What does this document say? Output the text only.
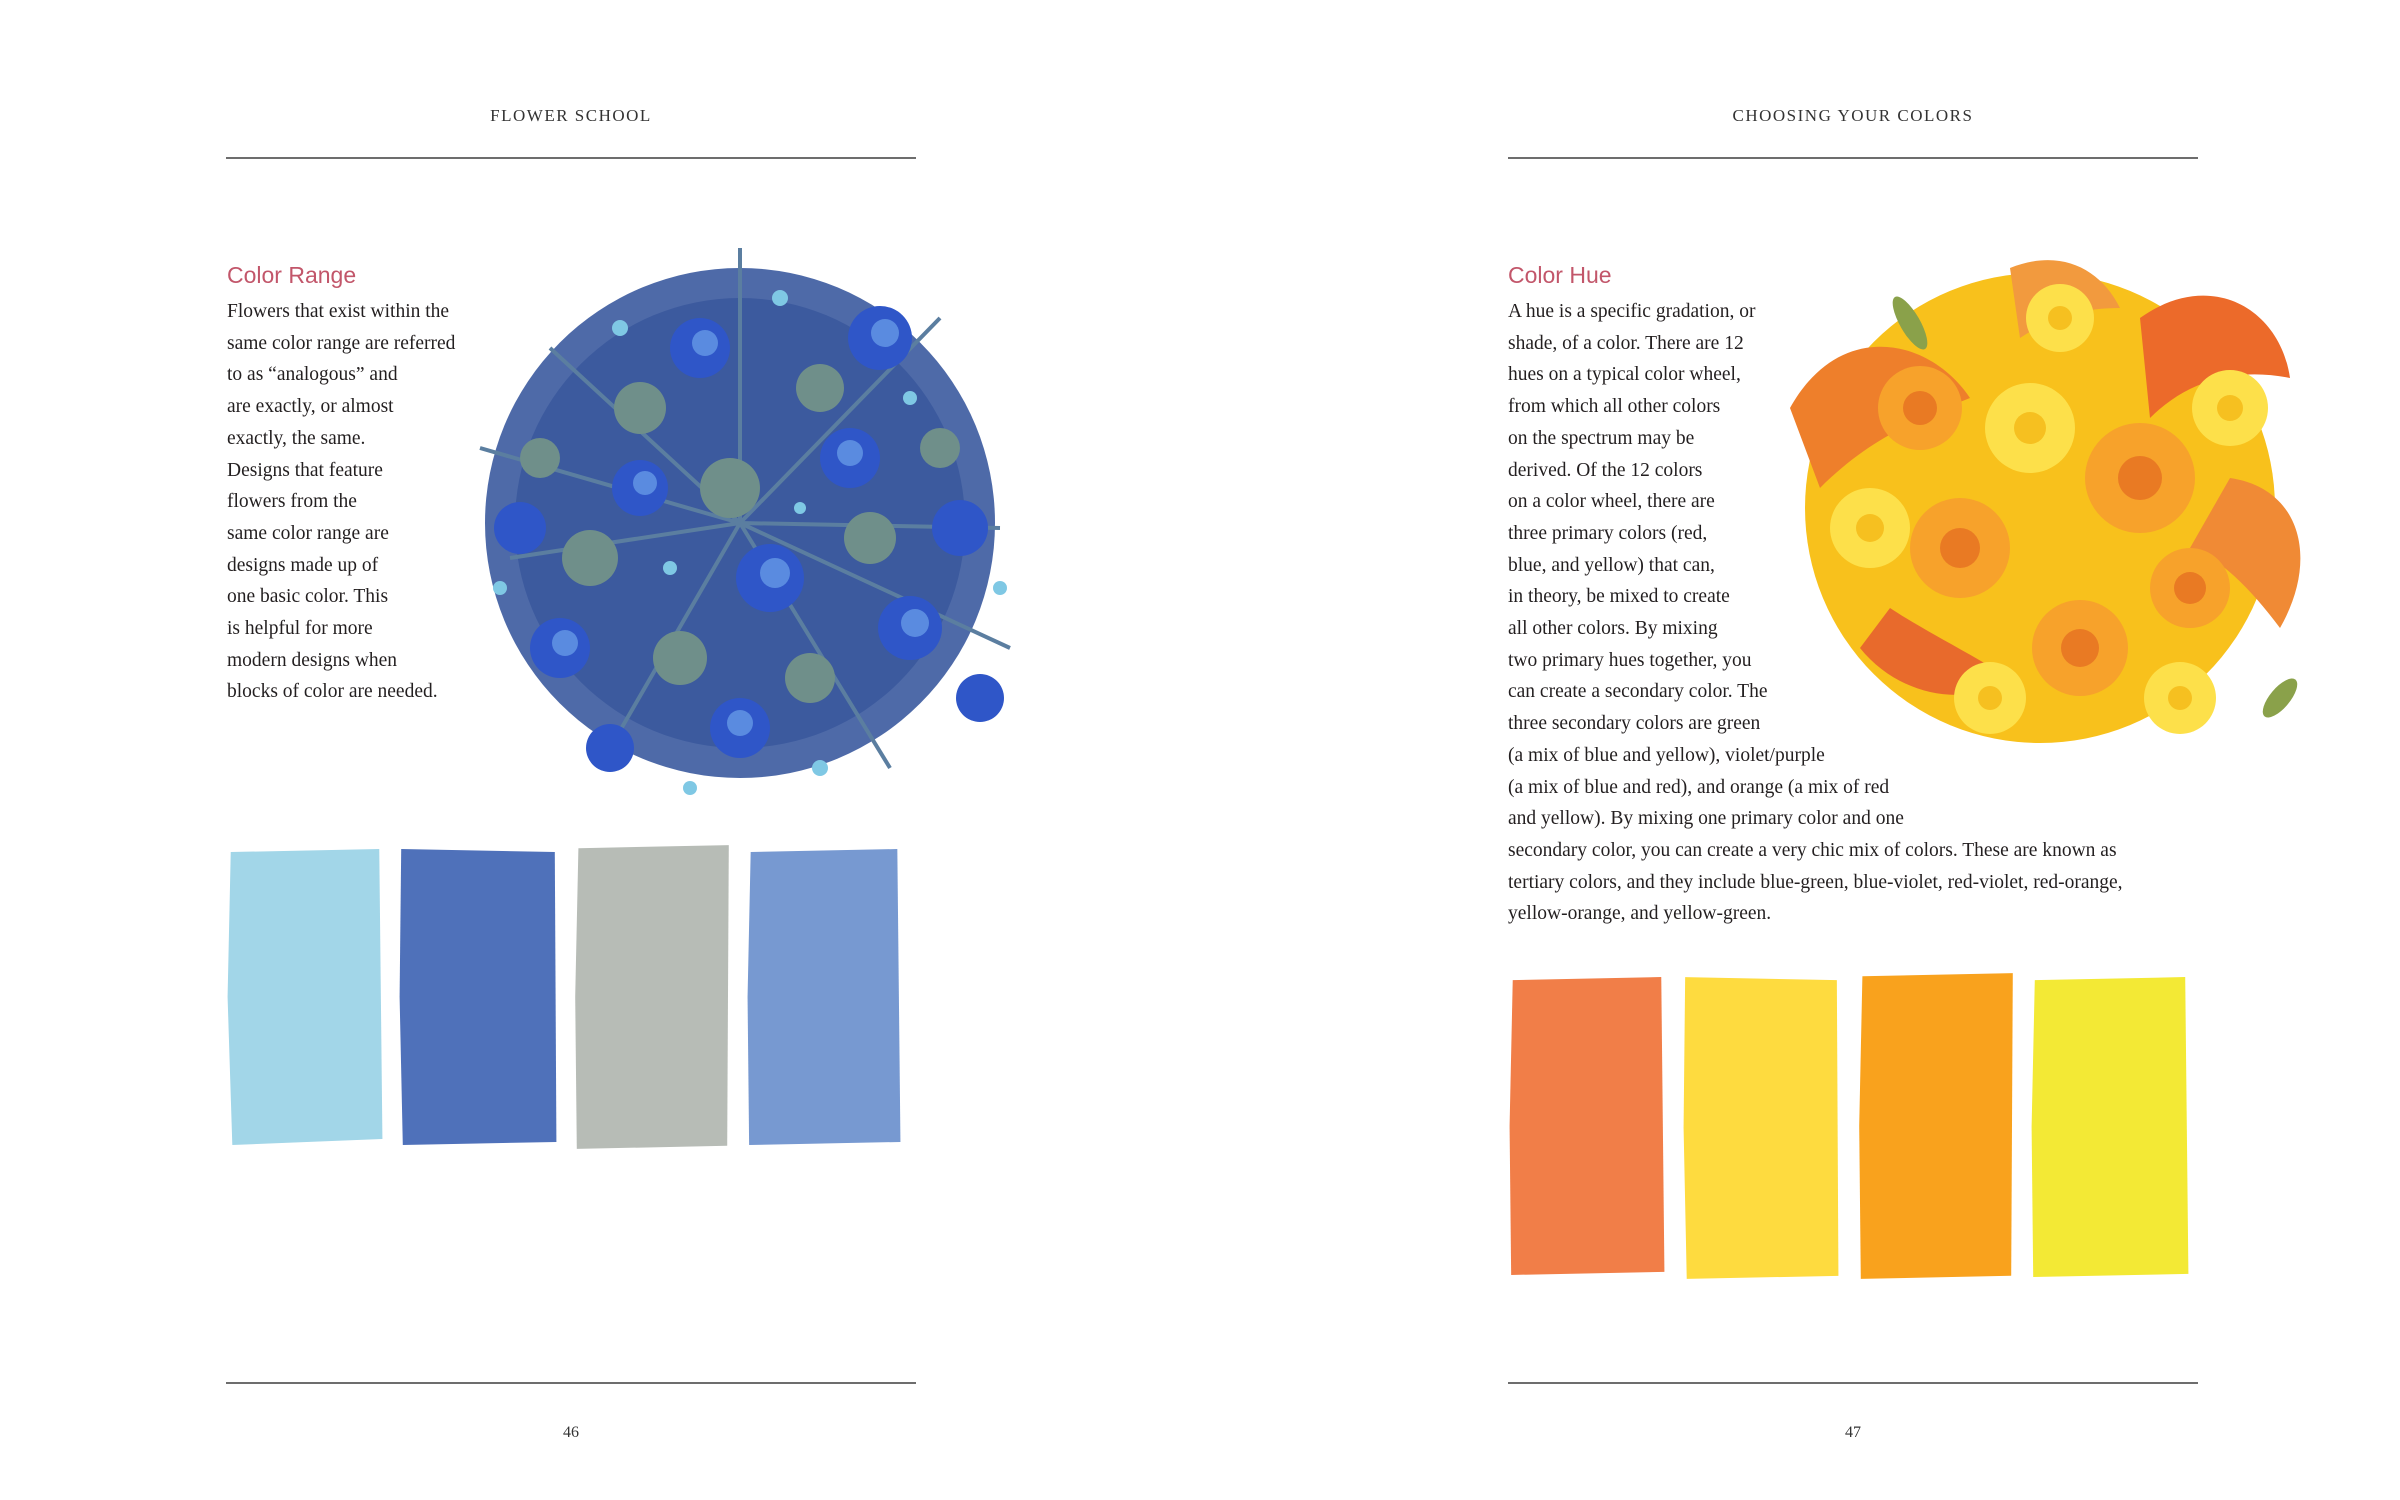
FLOWER SCHOOL
Color Range
Flowers that exist within the
same color range are referred
to as “analogous” and
are exactly, or almost
exactly, the same.
Designs that feature
flowers from the
same color range are
designs made up of
one basic color. This
is helpful for more
modern designs when
blocks of color are needed.
46
CHOOSING YOUR COLORS
Color Hue
A hue is a specific gradation, or
shade, of a color. There are 12
hues on a typical color wheel,
from which all other colors
on the spectrum may be
derived. Of the 12 colors
on a color wheel, there are
three primary colors (red,
blue, and yellow) that can,
in theory, be mixed to create
all other colors. By mixing
two primary hues together, you
can create a secondary color. The
three secondary colors are green
(a mix of blue and yellow), violet/purple
(a mix of blue and red), and orange (a mix of red
and yellow). By mixing one primary color and one
secondary color, you can create a very chic mix of colors. These are known as
tertiary colors, and they include blue-green, blue-violet, red-violet, red-orange,
yellow-orange, and yellow-green.
47
